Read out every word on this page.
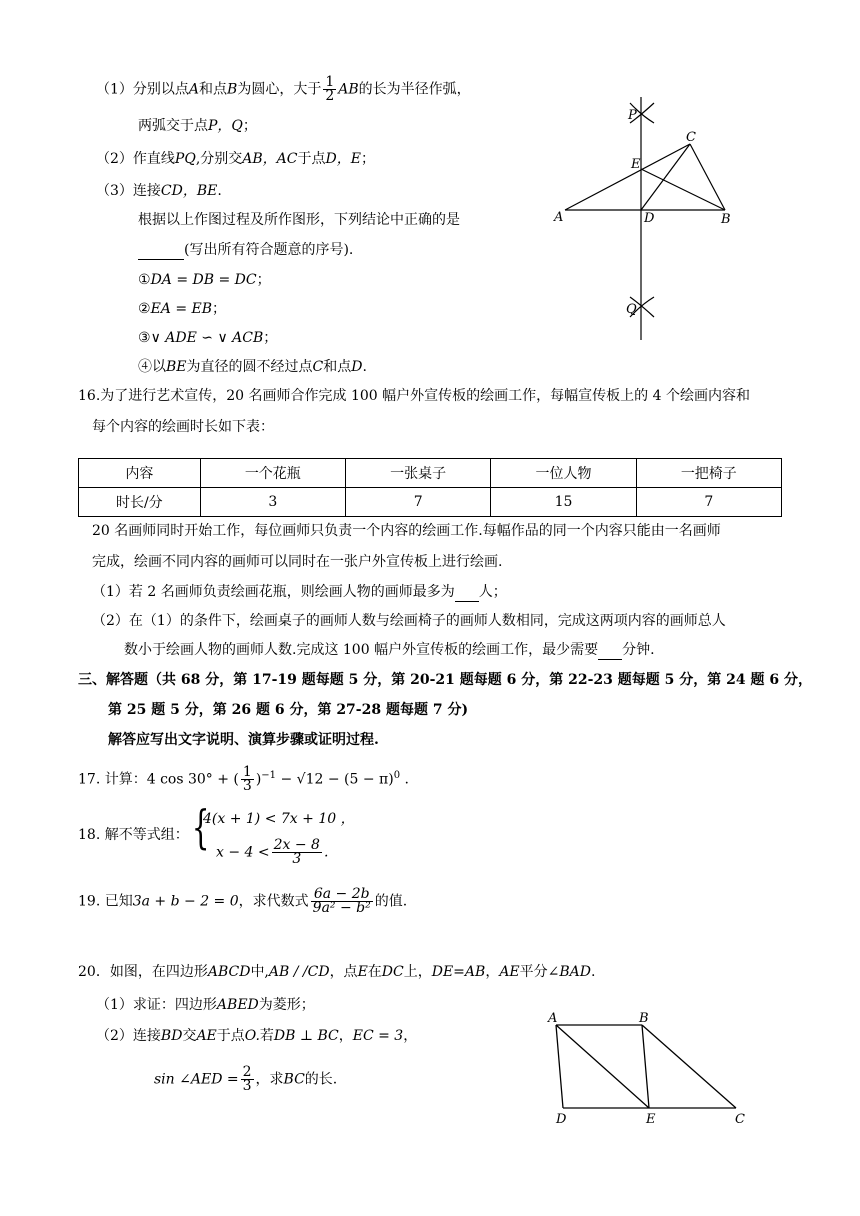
（1）分别以点A和点B为圆心，大于 $\frac{1}{2}$ AB的长为半径作弧，
两弧交于点P，Q；
（2）作直线PQ,分别交AB，AC于点D，E；
（3）连接CD，BE.
根据以上作图过程及所作图形，下列结论中正确的是
(写出所有符合题意的序号).
①DA = DB = DC；
②EA = EB；
③∨ ADE ∽ ∨ ACB；
④以BE为直径的圆不经过点C和点D.
P
C
E
A	D	B
Q
16.为了进行艺术宣传，20 名画师合作完成 100 幅户外宣传板的绘画工作，每幅宣传板上的 4 个绘画内容和
每个内容的绘画时长如下表：
内容	一个花瓶	一张桌子	一位人物	一把椅子
时长/分	3	7	15	7
20 名画师同时开始工作，每位画师只负责一个内容的绘画工作.每幅作品的同一个内容只能由一名画师
完成，绘画不同内容的画师可以同时在一张户外宣传板上进行绘画.
（1）若 2 名画师负责绘画花瓶，则绘画人物的画师最多为 人；
（2）在（1）的条件下，绘画桌子的画师人数与绘画椅子的画师人数相同，完成这两项内容的画师总人
数小于绘画人物的画师人数.完成这 100 幅户外宣传板的绘画工作，最少需要 分钟.
三、解答题（共 68 分，第 17-19 题每题 5 分，第 20-21 题每题 6 分，第 22-23 题每题 5 分，第 24 题 6 分，
第 25 题 5 分，第 26 题 6 分，第 27-28 题每题 7 分)
解答应写出文字说明、演算步骤或证明过程.
17. 计算：4 cos 30° + ( $\frac{1}{3} )^{-1} - √12 - (5 - \pi)^0$ .
18. 解不等式组： {
4(x + 1) < 7x + 10 ，
$x - 4 < \frac{2x - 8}{3}$ .
19. 已知3a + b − 2 = 0，求代数式 $\frac{6a - 2b}{\text{9a² − b²}}$ 的值.
20．如图，在四边形ABCD中,AB / /CD，点E在DC上，DE=AB，AE平分∠BAD.
（1）求证：四边形ABED为菱形；
（2）连接BD交AE于点O.若DB ⊥ BC，EC = 3，
sin ∠AED = $\frac{2}{3}$ ，求BC的长.
A	B
D	E	C
